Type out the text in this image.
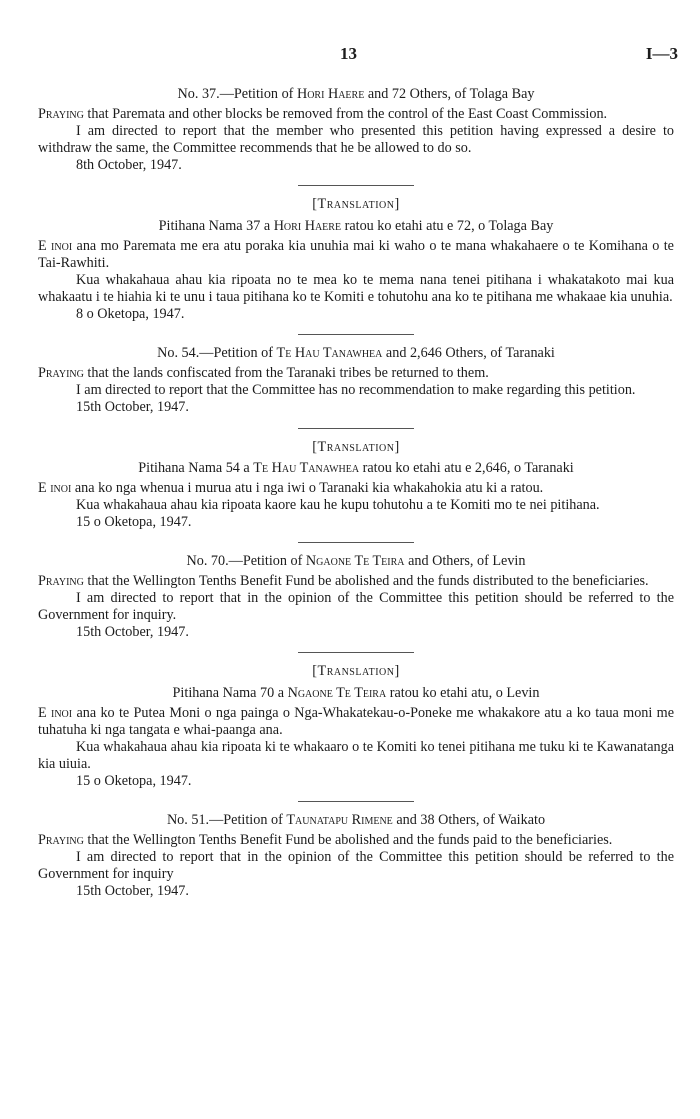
13	I—3

No. 37.—Petition of Hori Haere and 72 Others, of Tolaga Bay

Praying that Paremata and other blocks be removed from the control of the East Coast Commission.

I am directed to report that the member who presented this petition having expressed a desire to withdraw the same, the Committee recommends that he be allowed to do so.

8th October, 1947.

[Translation]

Pitihana Nama 37 a Hori Haere ratou ko etahi atu e 72, o Tolaga Bay

E inoi ana mo Paremata me era atu poraka kia unuhia mai ki waho o te mana whakahaere o te Komihana o te Tai-Rawhiti.

Kua whakahaua ahau kia ripoata no te mea ko te mema nana tenei pitihana i whakatakoto mai kua whakaatu i te hiahia ki te unu i taua pitihana ko te Komiti e tohutohu ana ko te pitihana me whakaae kia unuhia.

8 o Oketopa, 1947.

No. 54.—Petition of Te Hau Tanawhea and 2,646 Others, of Taranaki

Praying that the lands confiscated from the Taranaki tribes be returned to them.

I am directed to report that the Committee has no recommendation to make regarding this petition.

15th October, 1947.

[Translation]

Pitihana Nama 54 a Te Hau Tanawhea ratou ko etahi atu e 2,646, o Taranaki

E inoi ana ko nga whenua i murua atu i nga iwi o Taranaki kia whakahokia atu ki a ratou.

Kua whakahaua ahau kia ripoata kaore kau he kupu tohutohu a te Komiti mo te nei pitihana.

15 o Oketopa, 1947.

No. 70.—Petition of Ngaone Te Teira and Others, of Levin

Praying that the Wellington Tenths Benefit Fund be abolished and the funds distributed to the beneficiaries.

I am directed to report that in the opinion of the Committee this petition should be referred to the Government for inquiry.

15th October, 1947.

[Translation]

Pitihana Nama 70 a Ngaone Te Teira ratou ko etahi atu, o Levin

E inoi ana ko te Putea Moni o nga painga o Nga-Whakatekau-o-Poneke me whakakore atu a ko taua moni me tuhatuha ki nga tangata e whai-paanga ana.

Kua whakahaua ahau kia ripoata ki te whakaaro o te Komiti ko tenei pitihana me tuku ki te Kawanatanga kia uiuia.

15 o Oketopa, 1947.

No. 51.—Petition of Taunatapu Rimene and 38 Others, of Waikato

Praying that the Wellington Tenths Benefit Fund be abolished and the funds paid to the beneficiaries.

I am directed to report that in the opinion of the Committee this petition should be referred to the Government for inquiry

15th October, 1947.
